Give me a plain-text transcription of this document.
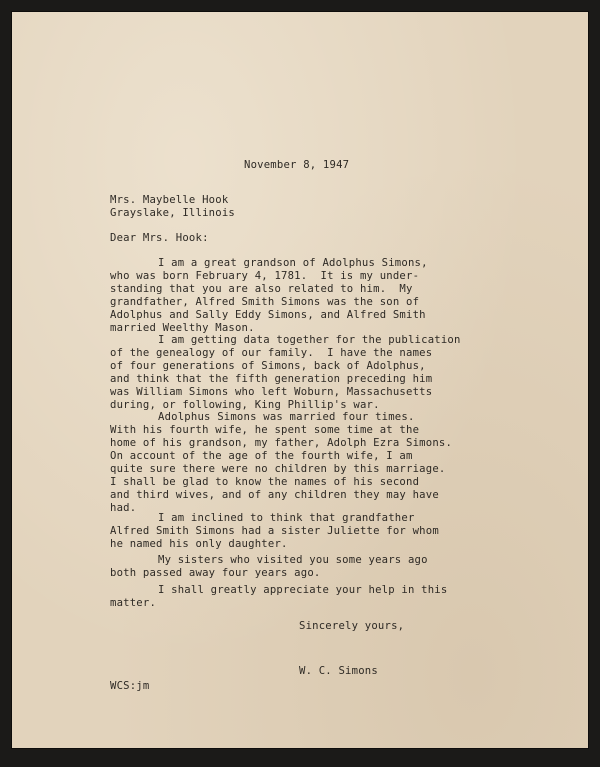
November 8, 1947
Mrs. Maybelle Hook
Grayslake, Illinois
Dear Mrs. Hook:
I am a great grandson of Adolphus Simons,
who was born February 4, 1781.  It is my under-
standing that you are also related to him.  My
grandfather, Alfred Smith Simons was the son of
Adolphus and Sally Eddy Simons, and Alfred Smith
married Weelthy Mason.
I am getting data together for the publication
of the genealogy of our family.  I have the names
of four generations of Simons, back of Adolphus,
and think that the fifth generation preceding him
was William Simons who left Woburn, Massachusetts
during, or following, King Phillip's war.
Adolphus Simons was married four times.
With his fourth wife, he spent some time at the
home of his grandson, my father, Adolph Ezra Simons.
On account of the age of the fourth wife, I am
quite sure there were no children by this marriage.
I shall be glad to know the names of his second
and third wives, and of any children they may have
had.
I am inclined to think that grandfather
Alfred Smith Simons had a sister Juliette for whom
he named his only daughter.
My sisters who visited you some years ago
both passed away four years ago.
I shall greatly appreciate your help in this
matter.
Sincerely yours,
W. C. Simons
WCS:jm
